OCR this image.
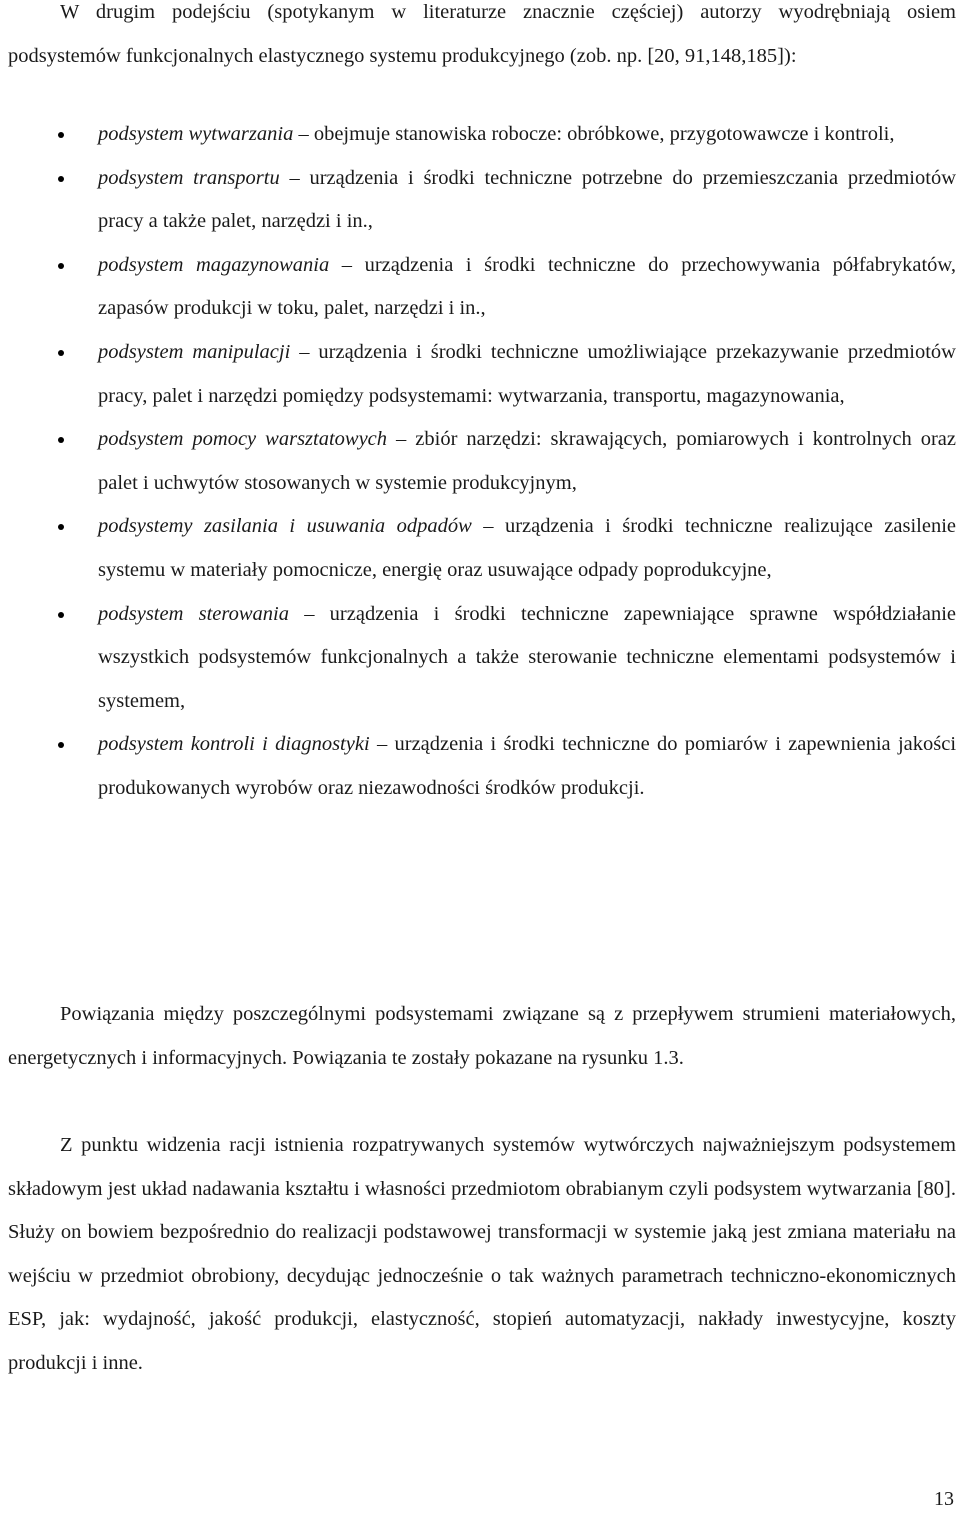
W drugim podejściu (spotykanym w literaturze znacznie częściej) autorzy wyodrębniają osiem podsystemów funkcjonalnych elastycznego systemu produkcyjnego (zob. np. [20, 91,148,185]):

podsystem wytwarzania – obejmuje stanowiska robocze: obróbkowe, przygotowawcze i kontroli,
podsystem transportu – urządzenia i środki techniczne potrzebne do przemieszczania przedmiotów pracy a także palet, narzędzi i in.,
podsystem magazynowania – urządzenia i środki techniczne do przechowywania półfabrykatów, zapasów produkcji w toku, palet, narzędzi i in.,
podsystem manipulacji – urządzenia i środki techniczne umożliwiające przekazywanie przedmiotów pracy, palet i narzędzi pomiędzy podsystemami: wytwarzania, transportu, magazynowania,
podsystem pomocy warsztatowych – zbiór narzędzi: skrawających, pomiarowych i kontrolnych oraz palet i uchwytów stosowanych w systemie produkcyjnym,
podsystemy zasilania i usuwania odpadów – urządzenia i środki techniczne realizujące zasilenie systemu w materiały pomocnicze, energię oraz usuwające odpady poprodukcyjne,
podsystem sterowania – urządzenia i środki techniczne zapewniające sprawne współdziałanie wszystkich podsystemów funkcjonalnych a także sterowanie techniczne elementami podsystemów i systemem,
podsystem kontroli i diagnostyki – urządzenia i środki techniczne do pomiarów i zapewnienia jakości produkowanych wyrobów oraz niezawodności środków produkcji.

Powiązania między poszczególnymi podsystemami związane są z przepływem strumieni materiałowych, energetycznych i informacyjnych. Powiązania te zostały pokazane na rysunku 1.3.

Z punktu widzenia racji istnienia rozpatrywanych systemów wytwórczych najważniejszym podsystemem składowym jest układ nadawania kształtu i własności przedmiotom obrabianym czyli podsystem wytwarzania [80]. Służy on bowiem bezpośrednio do realizacji podstawowej transformacji w systemie jaką jest zmiana materiału na wejściu w przedmiot obrobiony, decydując jednocześnie o tak ważnych parametrach techniczno-ekonomicznych ESP, jak: wydajność, jakość produkcji, elastyczność, stopień automatyzacji, nakłady inwestycyjne, koszty produkcji i inne.

13
